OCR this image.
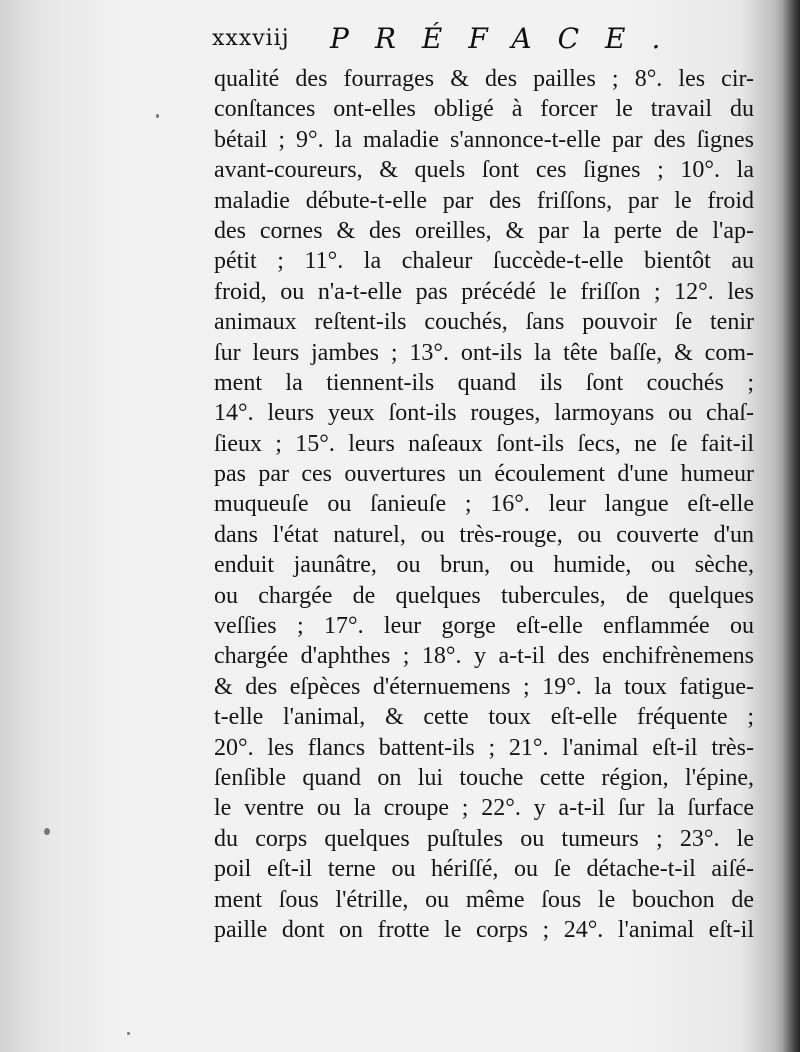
xxxviij PRÉFACE.
qualité des fourrages & des pailles ; 8°. les cir-
conſtances ont-elles obligé à forcer le travail du
bétail ; 9°. la maladie s'annonce-t-elle par des ſignes
avant-coureurs, & quels ſont ces ſignes ; 10°. la
maladie débute-t-elle par des friſſons, par le froid
des cornes & des oreilles, & par la perte de l'ap-
pétit ; 11°. la chaleur ſuccède-t-elle bientôt au
froid, ou n'a-t-elle pas précédé le friſſon ; 12°. les
animaux reſtent-ils couchés, ſans pouvoir ſe tenir
ſur leurs jambes ; 13°. ont-ils la tête baſſe, & com-
ment la tiennent-ils quand ils ſont couchés ;
14°. leurs yeux ſont-ils rouges, larmoyans ou chaſ-
ſieux ; 15°. leurs naſeaux ſont-ils ſecs, ne ſe fait-il
pas par ces ouvertures un écoulement d'une humeur
muqueuſe ou ſanieuſe ; 16°. leur langue eſt-elle
dans l'état naturel, ou très-rouge, ou couverte d'un
enduit jaunâtre, ou brun, ou humide, ou sèche,
ou chargée de quelques tubercules, de quelques
veſſies ; 17°. leur gorge eſt-elle enflammée ou
chargée d'aphthes ; 18°. y a-t-il des enchifrènemens
& des eſpèces d'éternuemens ; 19°. la toux fatigue-
t-elle l'animal, & cette toux eſt-elle fréquente ;
20°. les flancs battent-ils ; 21°. l'animal eſt-il très-
ſenſible quand on lui touche cette région, l'épine,
le ventre ou la croupe ; 22°. y a-t-il ſur la ſurface
du corps quelques puſtules ou tumeurs ; 23°. le
poil eſt-il terne ou hériſſé, ou ſe détache-t-il aiſé-
ment ſous l'étrille, ou même ſous le bouchon de
paille dont on frotte le corps ; 24°. l'animal eſt-il
